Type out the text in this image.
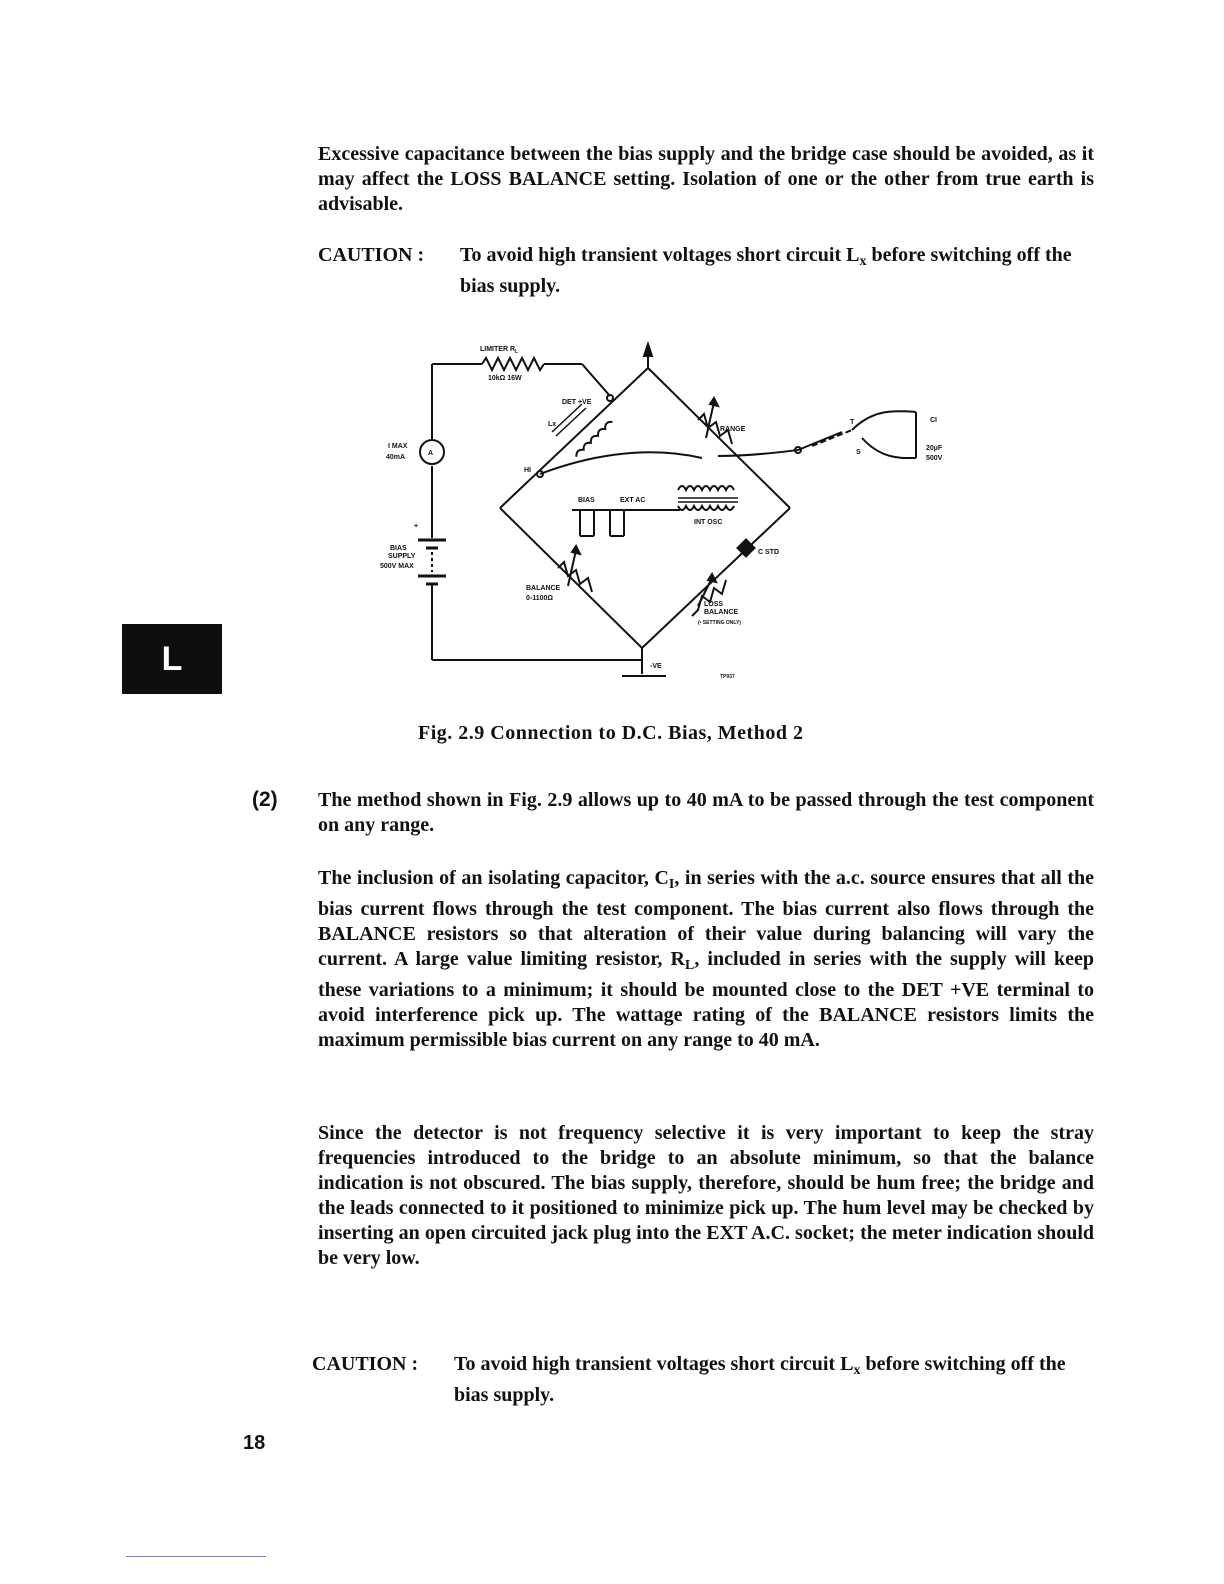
Excessive capacitance between the bias supply and the bridge case should be avoided, as it may affect the LOSS BALANCE setting. Isolation of one or the other from true earth is advisable.

CAUTION :	To avoid high transient voltages short circuit $L_x$ before switching off the bias supply.
L
LIMITER $R_L$
10kΩ 16W
DET +VE
Lx
HI
RANGE
A
I MAX
40mA
+
BIAS
SUPPLY
500V MAX
BIAS	EXT AC
INT OSC
C STD
BALANCE
0-1100Ω
LOSS
BALANCE
(• SETTING ONLY)
-VE
20µF
500V
CI
T
S
TP937
Fig. 2.9 Connection to D.C. Bias, Method 2
(2) The method shown in Fig. 2.9 allows up to 40 mA to be passed through the test component on any range.

The inclusion of an isolating capacitor, $C_I$, in series with the a.c. source ensures that all the bias current flows through the test component. The bias current also flows through the BALANCE resistors so that alteration of their value during balancing will vary the current. A large value limiting resistor, $R_L$, included in series with the supply will keep these variations to a minimum; it should be mounted close to the DET +VE terminal to avoid interference pick up. The wattage rating of the BALANCE resistors limits the maximum permissible bias current on any range to 40 mA.

Since the detector is not frequency selective it is very important to keep the stray frequencies introduced to the bridge to an absolute minimum, so that the balance indication is not obscured. The bias supply, therefore, should be hum free; the bridge and the leads connected to it positioned to minimize pick up. The hum level may be checked by inserting an open circuited jack plug into the EXT A.C. socket; the meter indication should be very low.

CAUTION :	To avoid high transient voltages short circuit $L_x$ before switching off the bias supply.
18
